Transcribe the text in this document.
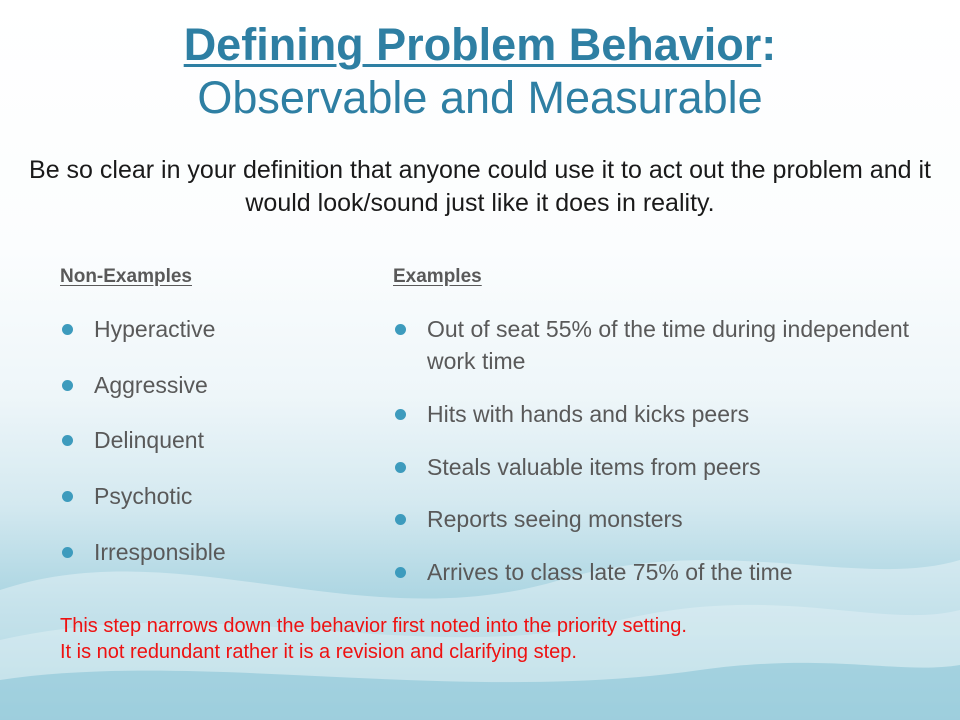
Defining Problem Behavior:
Observable and Measurable
Be so clear in your definition that anyone could use it to act out the problem and it would look/sound just like it does in reality.
Non-Examples	Examples
Hyperactive
Aggressive
Delinquent
Psychotic
Irresponsible
Out of seat 55% of the time during independent work time
Hits with hands and kicks peers
Steals valuable items from peers
Reports seeing monsters
Arrives to class late 75% of the time
This step narrows down the behavior first noted into the priority setting.
It is not redundant rather it is a revision and clarifying step.
